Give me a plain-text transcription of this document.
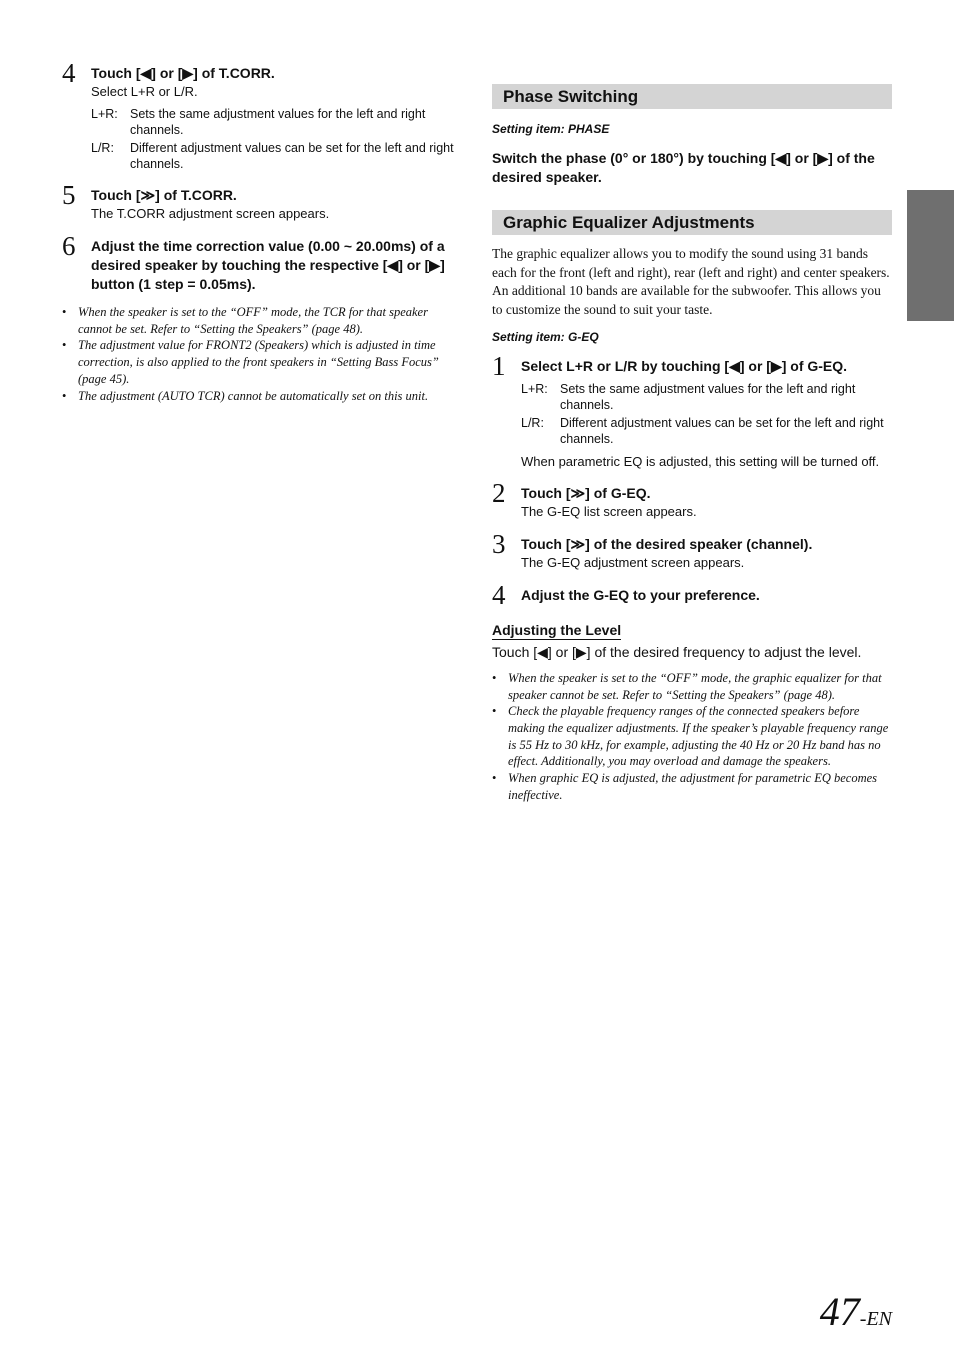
4 Touch [◀] or [▶] of T.CORR.
Select L+R or L/R.
L+R: Sets the same adjustment values for the left and right channels.
L/R:	Different adjustment values can be set for the left and right channels.
5 Touch [≫] of T.CORR.
The T.CORR adjustment screen appears.
6 Adjust the time correction value (0.00 ~ 20.00ms) of a desired speaker by touching the respective [◀] or [▶] button (1 step = 0.05ms).
• When the speaker is set to the “OFF” mode, the TCR for that speaker cannot be set. Refer to “Setting the Speakers” (page 48).
• The adjustment value for FRONT2 (Speakers) which is adjusted in time correction, is also applied to the front speakers in “Setting Bass Focus” (page 45).
• The adjustment (AUTO TCR) cannot be automatically set on this unit.
Phase Switching
Setting item: PHASE
Switch the phase (0° or 180°) by touching [◀] or [▶] of the desired speaker.
Graphic Equalizer Adjustments
The graphic equalizer allows you to modify the sound using 31 bands each for the front (left and right), rear (left and right) and center speakers. An additional 10 bands are available for the subwoofer. This allows you to customize the sound to suit your taste.
Setting item: G-EQ
1 Select L+R or L/R by touching [◀] or [▶] of G-EQ.
L+R: Sets the same adjustment values for the left and right channels.
L/R:	Different adjustment values can be set for the left and right channels.
When parametric EQ is adjusted, this setting will be turned off.
2 Touch [≫] of G-EQ.
The G-EQ list screen appears.
3 Touch [≫] of the desired speaker (channel).
The G-EQ adjustment screen appears.
4 Adjust the G-EQ to your preference.
Adjusting the Level
Touch [◀] or [▶] of the desired frequency to adjust the level.
• When the speaker is set to the “OFF” mode, the graphic equalizer for that speaker cannot be set. Refer to “Setting the Speakers” (page 48).
• Check the playable frequency ranges of the connected speakers before making the equalizer adjustments. If the speaker’s playable frequency range is 55 Hz to 30 kHz, for example, adjusting the 40 Hz or 20 Hz band has no effect. Additionally, you may overload and damage the speakers.
• When graphic EQ is adjusted, the adjustment for parametric EQ becomes ineffective.
47-EN
